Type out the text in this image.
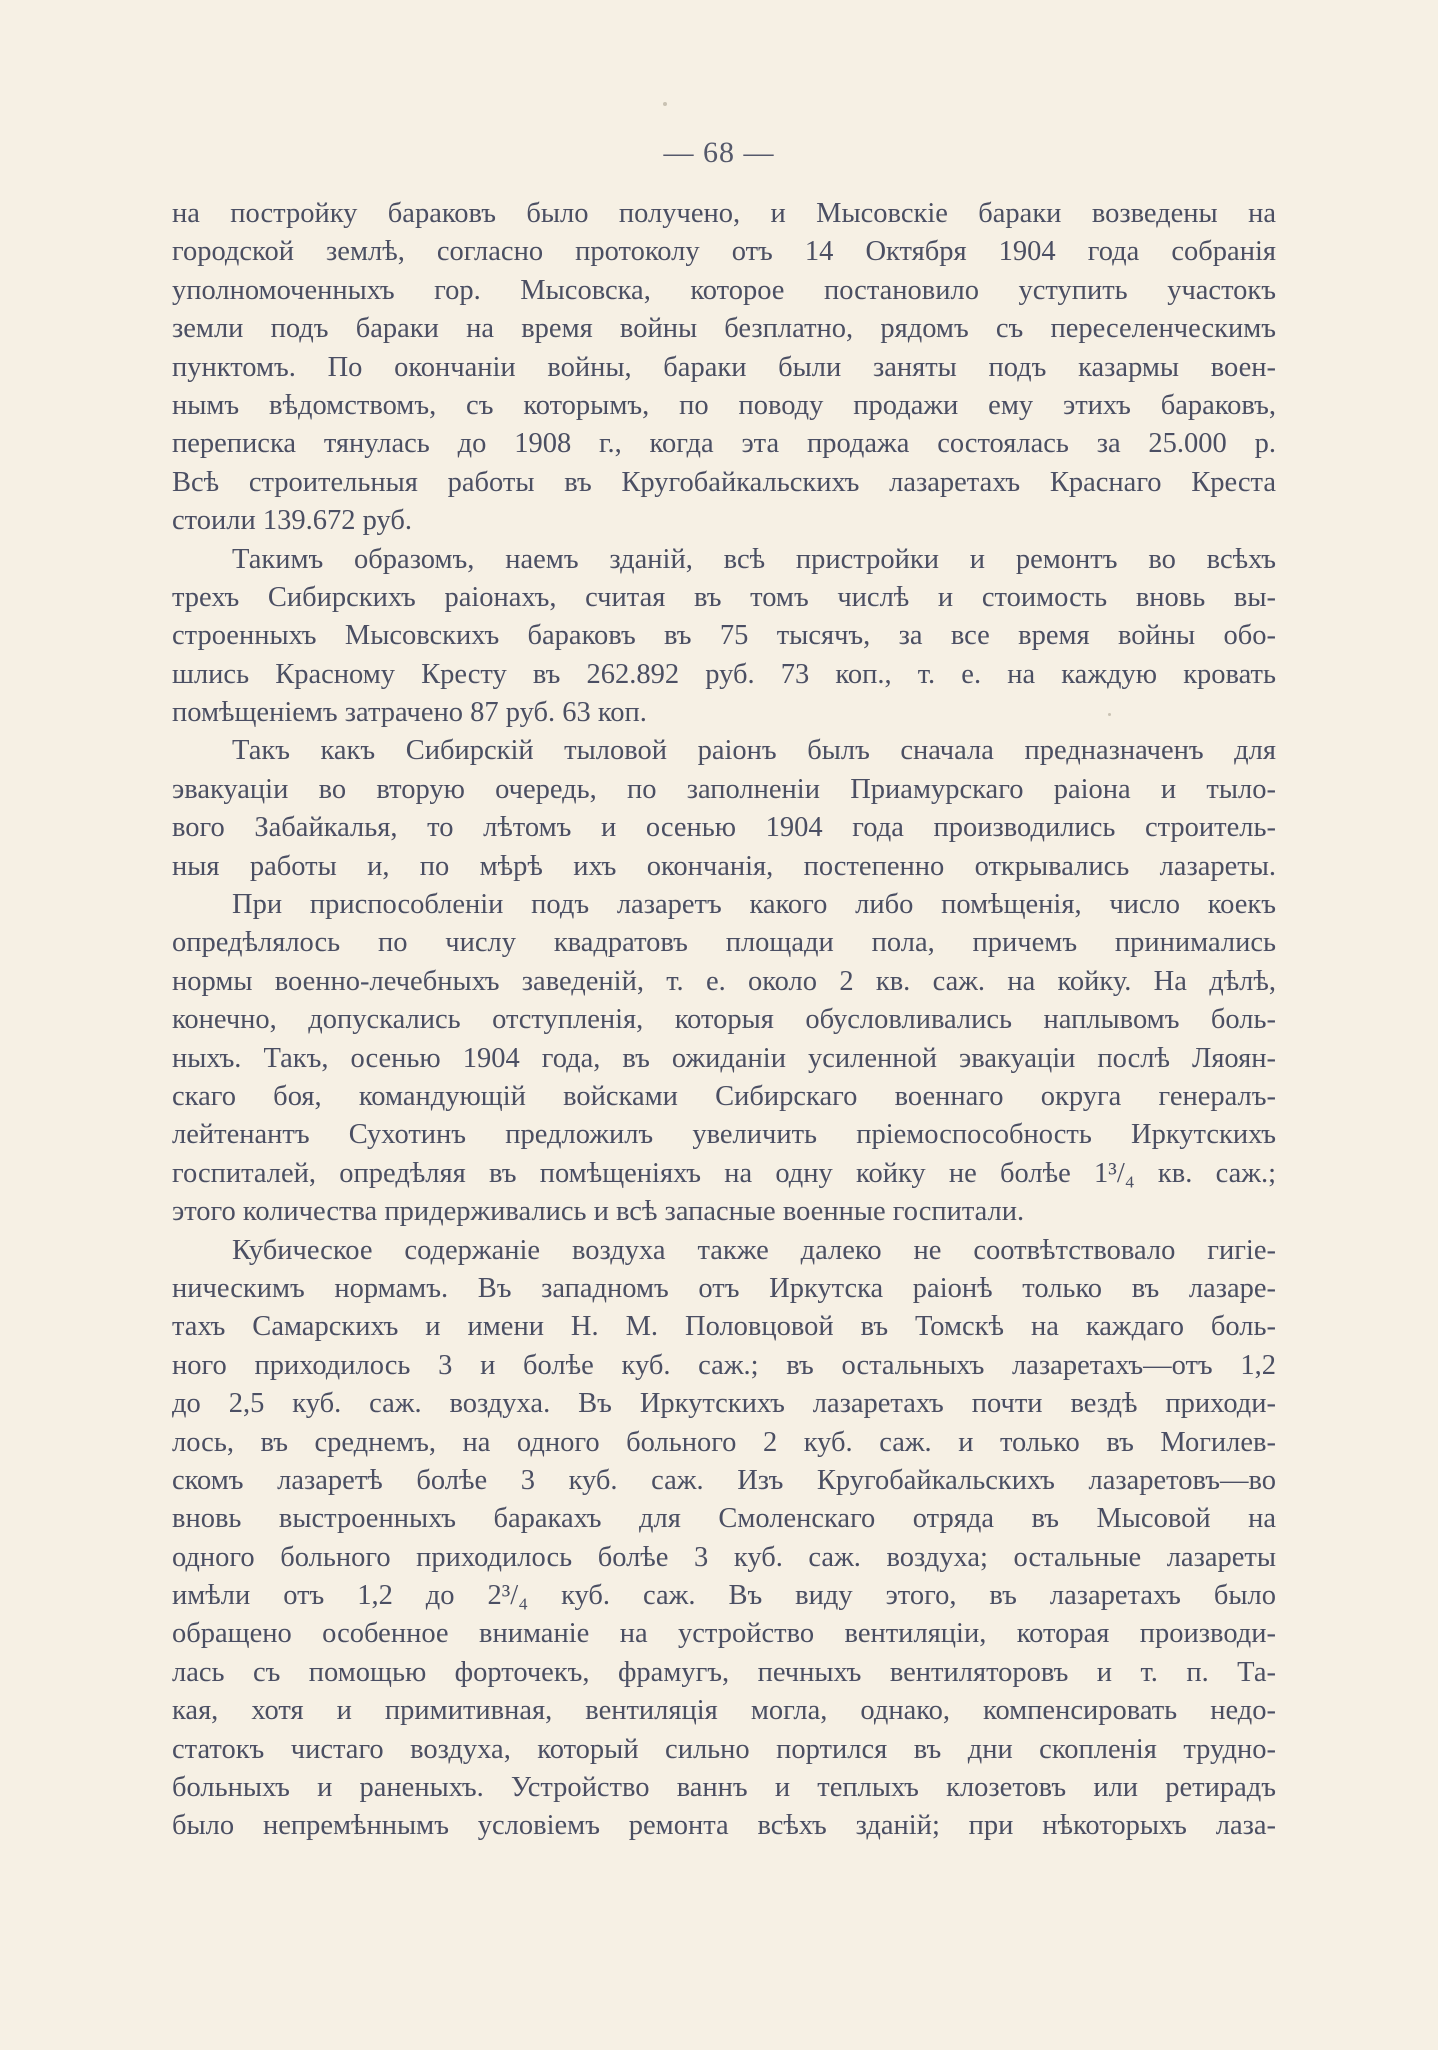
— 68 —
на постройку бараковъ было получено, и Мысовскіе бараки возведены на
городской землѣ, согласно протоколу отъ 14 Октября 1904 года собранія
уполномоченныхъ гор. Мысовска, которое постановило уступить участокъ
земли подъ бараки на время войны безплатно, рядомъ съ переселенческимъ
пунктомъ. По окончаніи войны, бараки были заняты подъ казармы воен-
нымъ вѣдомствомъ, съ которымъ, по поводу продажи ему этихъ бараковъ,
переписка тянулась до 1908 г., когда эта продажа состоялась за 25.000 р.
Всѣ строительныя работы въ Кругобайкальскихъ лазаретахъ Краснаго Креста
стоили 139.672 руб.
Такимъ образомъ, наемъ зданій, всѣ пристройки и ремонтъ во всѣхъ
трехъ Сибирскихъ раіонахъ, считая въ томъ числѣ и стоимость вновь вы-
строенныхъ Мысовскихъ бараковъ въ 75 тысячъ, за все время войны обо-
шлись Красному Кресту въ 262.892 руб. 73 коп., т. е. на каждую кровать
помѣщеніемъ затрачено 87 руб. 63 коп.
Такъ какъ Сибирскій тыловой раіонъ былъ сначала предназначенъ для
эвакуаціи во вторую очередь, по заполненіи Приамурскаго раіона и тыло-
вого Забайкалья, то лѣтомъ и осенью 1904 года производились строитель-
ныя работы и, по мѣрѣ ихъ окончанія, постепенно открывались лазареты.
При приспособленіи подъ лазаретъ какого либо помѣщенія, число коекъ
опредѣлялось по числу квадратовъ площади пола, причемъ принимались
нормы военно-лечебныхъ заведеній, т. е. около 2 кв. саж. на койку. На дѣлѣ,
конечно, допускались отступленія, которыя обусловливались наплывомъ боль-
ныхъ. Такъ, осенью 1904 года, въ ожиданіи усиленной эвакуаціи послѣ Ляоян-
скаго боя, командующій войсками Сибирскаго военнаго округа генералъ-
лейтенантъ Сухотинъ предложилъ увеличить пріемоспособность Иркутскихъ
госпиталей, опредѣляя въ помѣщеніяхъ на одну койку не болѣе 1³/₄ кв. саж.;
этого количества придерживались и всѣ запасные военные госпитали.
Кубическое содержаніе воздуха также далеко не соотвѣтствовало гигіе-
ническимъ нормамъ. Въ западномъ отъ Иркутска раіонѣ только въ лазаре-
тахъ Самарскихъ и имени Н. М. Половцовой въ Томскѣ на каждаго боль-
ного приходилось 3 и болѣе куб. саж.; въ остальныхъ лазаретахъ—отъ 1,2
до 2,5 куб. саж. воздуха. Въ Иркутскихъ лазаретахъ почти вездѣ приходи-
лось, въ среднемъ, на одного больного 2 куб. саж. и только въ Могилев-
скомъ лазаретѣ болѣе 3 куб. саж. Изъ Кругобайкальскихъ лазаретовъ—во
вновь выстроенныхъ баракахъ для Смоленскаго отряда въ Мысовой на
одного больного приходилось болѣе 3 куб. саж. воздуха; остальные лазареты
имѣли отъ 1,2 до 2³/₄ куб. саж. Въ виду этого, въ лазаретахъ было
обращено особенное вниманіе на устройство вентиляціи, которая производи-
лась съ помощью форточекъ, фрамугъ, печныхъ вентиляторовъ и т. п. Та-
кая, хотя и примитивная, вентиляція могла, однако, компенсировать недо-
статокъ чистаго воздуха, который сильно портился въ дни скопленія трудно-
больныхъ и раненыхъ. Устройство ваннъ и теплыхъ клозетовъ или ретирадъ
было непремѣннымъ условіемъ ремонта всѣхъ зданій; при нѣкоторыхъ лаза-
